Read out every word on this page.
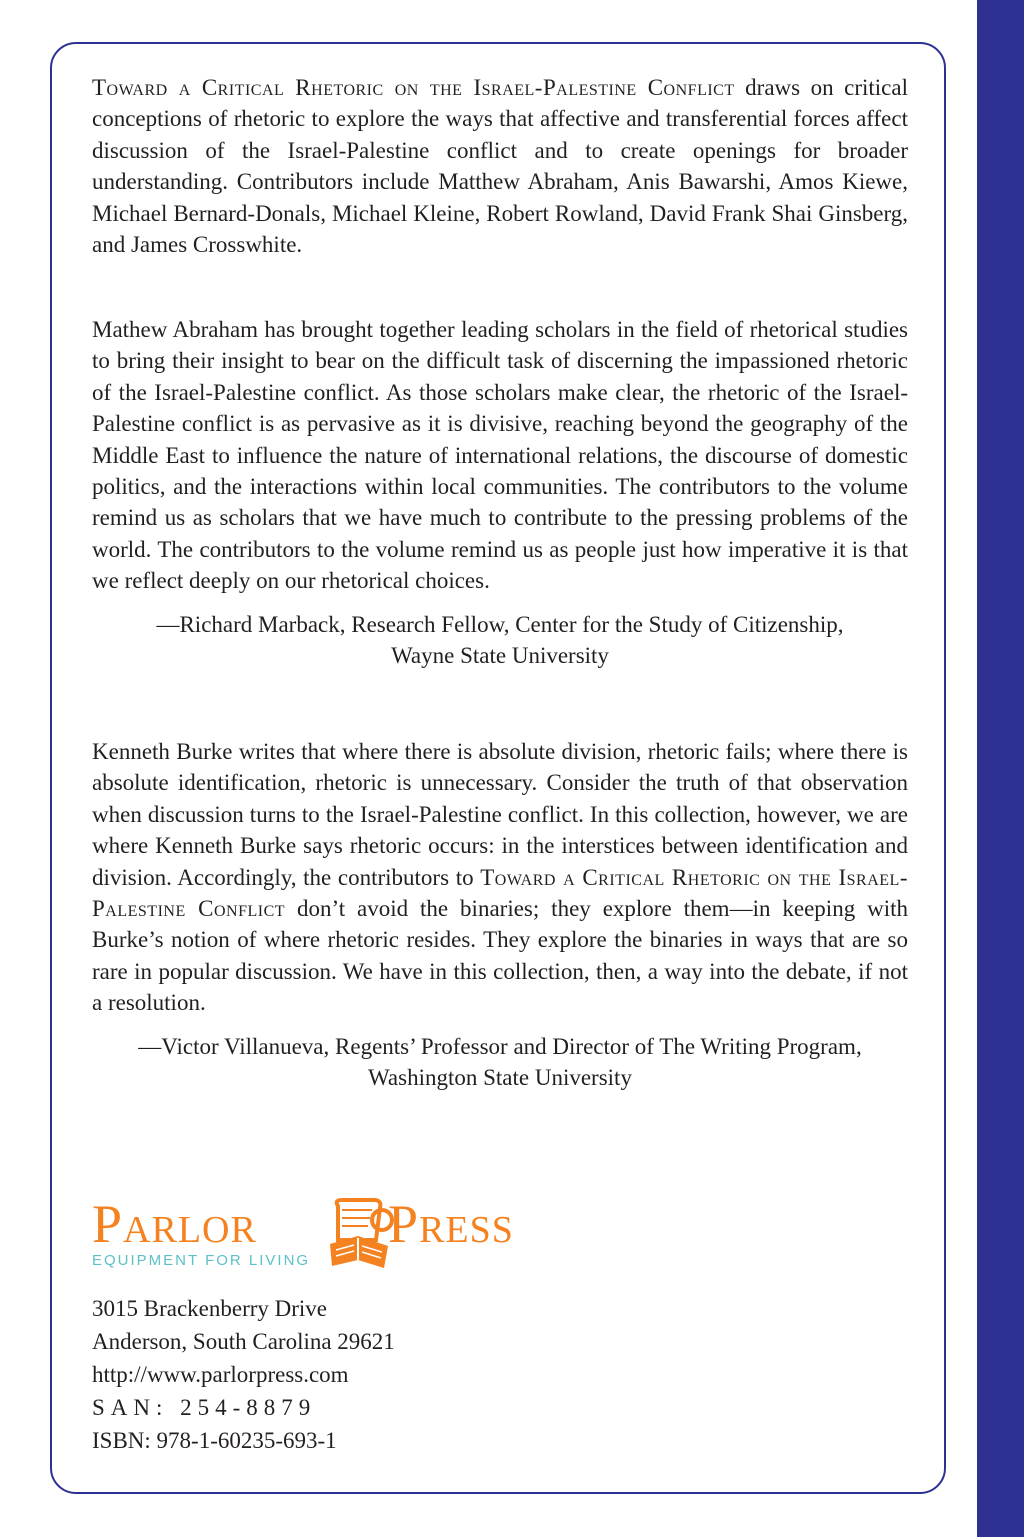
Toward a Critical Rhetoric on the Israel-Palestine Conflict draws on critical conceptions of rhetoric to explore the ways that affective and transferential forces affect discussion of the Israel-Palestine conflict and to create openings for broader understanding. Contributors include Matthew Abraham, Anis Bawarshi, Amos Kiewe, Michael Bernard-Donals, Michael Kleine, Robert Rowland, David Frank Shai Ginsberg, and James Crosswhite.

Mathew Abraham has brought together leading scholars in the field of rhetorical studies to bring their insight to bear on the difficult task of discerning the impassioned rhetoric of the Israel-Palestine conflict. As those scholars make clear, the rhetoric of the Israel-Palestine conflict is as pervasive as it is divisive, reaching beyond the geography of the Middle East to influence the nature of international relations, the discourse of domestic politics, and the interactions within local communities. The contributors to the volume remind us as scholars that we have much to contribute to the pressing problems of the world. The contributors to the volume remind us as people just how imperative it is that we reflect deeply on our rhetorical choices.

—Richard Marback, Research Fellow, Center for the Study of Citizenship,
Wayne State University

Kenneth Burke writes that where there is absolute division, rhetoric fails; where there is absolute identification, rhetoric is unnecessary. Consider the truth of that observation when discussion turns to the Israel-Palestine conflict. In this collection, however, we are where Kenneth Burke says rhetoric occurs: in the interstices between identification and division. Accordingly, the contributors to Toward a Critical Rhetoric on the Israel-Palestine Conflict don’t avoid the binaries; they explore them—in keeping with Burke’s notion of where rhetoric resides. They explore the binaries in ways that are so rare in popular discussion. We have in this collection, then, a way into the debate, if not a resolution.

—Victor Villanueva, Regents’ Professor and Director of The Writing Program,
Washington State University

Parlor Press
EQUIPMENT FOR LIVING
3015 Brackenberry Drive
Anderson, South Carolina 29621
http://www.parlorpress.com
SAN: 254-8879
ISBN: 978-1-60235-693-1
